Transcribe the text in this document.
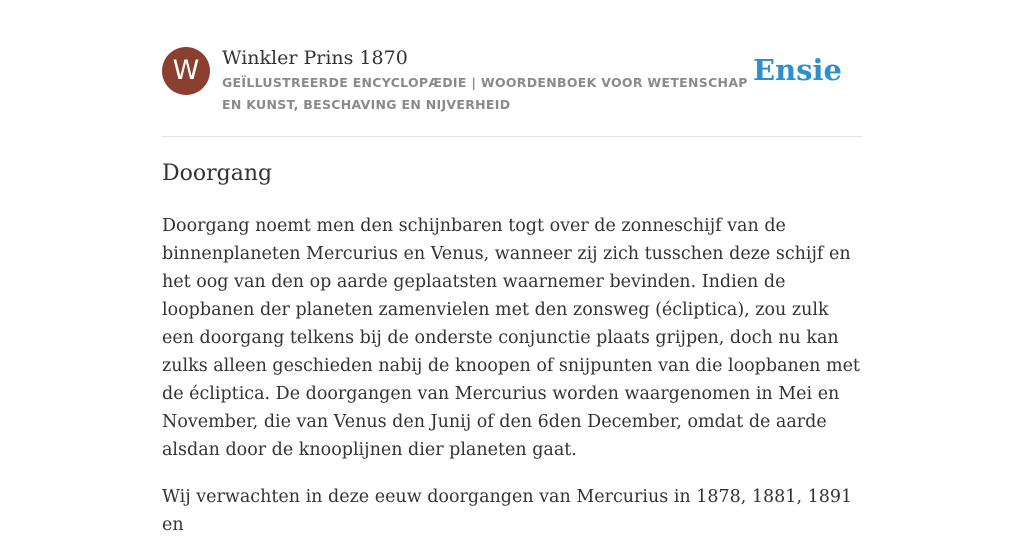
W	Winkler Prins 1870
GEÏLLUSTREERDE ENCYCLOPÆDIE | WOORDENBOEK VOOR WETENSCHAP EN KUNST, BESCHAVING EN NIJVERHEID
Ensie
Doorgang

Doorgang noemt men den schijnbaren togt over de zonneschijf van de binnenplaneten Mercurius en Venus, wanneer zij zich tusschen deze schijf en het oog van den op aarde geplaatsten waarnemer bevinden. Indien de loopbanen der planeten zamenvielen met den zonsweg (écliptica), zou zulk een doorgang telkens bij de onderste conjunctie plaats grijpen, doch nu kan zulks alleen geschieden nabij de knoopen of snijpunten van die loopbanen met de écliptica. De doorgangen van Mercurius worden waargenomen in Mei en November, die van Venus den Junij of den 6den December, omdat de aarde alsdan door de knooplijnen dier planeten gaat.

Wij verwachten in deze eeuw doorgangen van Mercurius in 1878, 1881, 1891 en
